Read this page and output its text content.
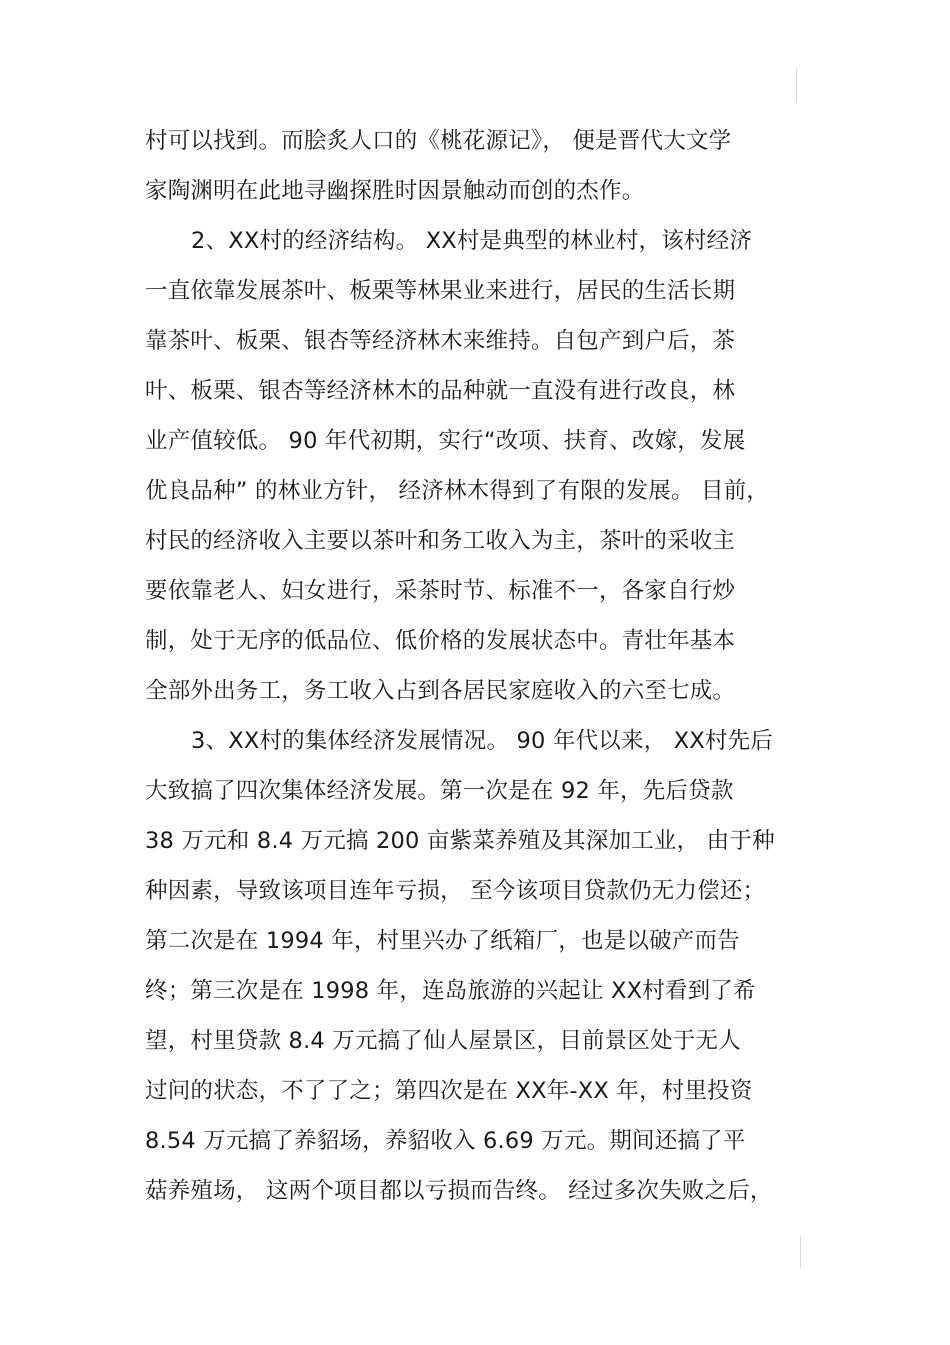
村可以找到。而脍炙人口的《桃花源记》， 便是晋代大文学
家陶渊明在此地寻幽探胜时因景触动而创的杰作。
2、XX村的经济结构。 XX村是典型的林业村，该村经济
一直依靠发展茶叶、板栗等林果业来进行，居民的生活长期
靠茶叶、板栗、银杏等经济林木来维持。自包产到户后，茶
叶、板栗、银杏等经济林木的品种就一直没有进行改良，林
业产值较低。 90 年代初期，实行“改项、扶育、改嫁，发展
优良品种” 的林业方针， 经济林木得到了有限的发展。 目前，
村民的经济收入主要以茶叶和务工收入为主，茶叶的采收主
要依靠老人、妇女进行，采茶时节、标准不一，各家自行炒
制，处于无序的低品位、低价格的发展状态中。青壮年基本
全部外出务工，务工收入占到各居民家庭收入的六至七成。
3、XX村的集体经济发展情况。 90 年代以来， XX村先后
大致搞了四次集体经济发展。第一次是在 92 年，先后贷款
38 万元和 8.4 万元搞 200 亩紫菜养殖及其深加工业， 由于种
种因素，导致该项目连年亏损， 至今该项目贷款仍无力偿还；
第二次是在 1994 年，村里兴办了纸箱厂，也是以破产而告
终；第三次是在 1998 年，连岛旅游的兴起让 XX村看到了希
望，村里贷款 8.4 万元搞了仙人屋景区，目前景区处于无人
过问的状态，不了了之；第四次是在 XX年-XX 年，村里投资
8.54 万元搞了养貂场，养貂收入 6.69 万元。期间还搞了平
菇养殖场， 这两个项目都以亏损而告终。 经过多次失败之后，
